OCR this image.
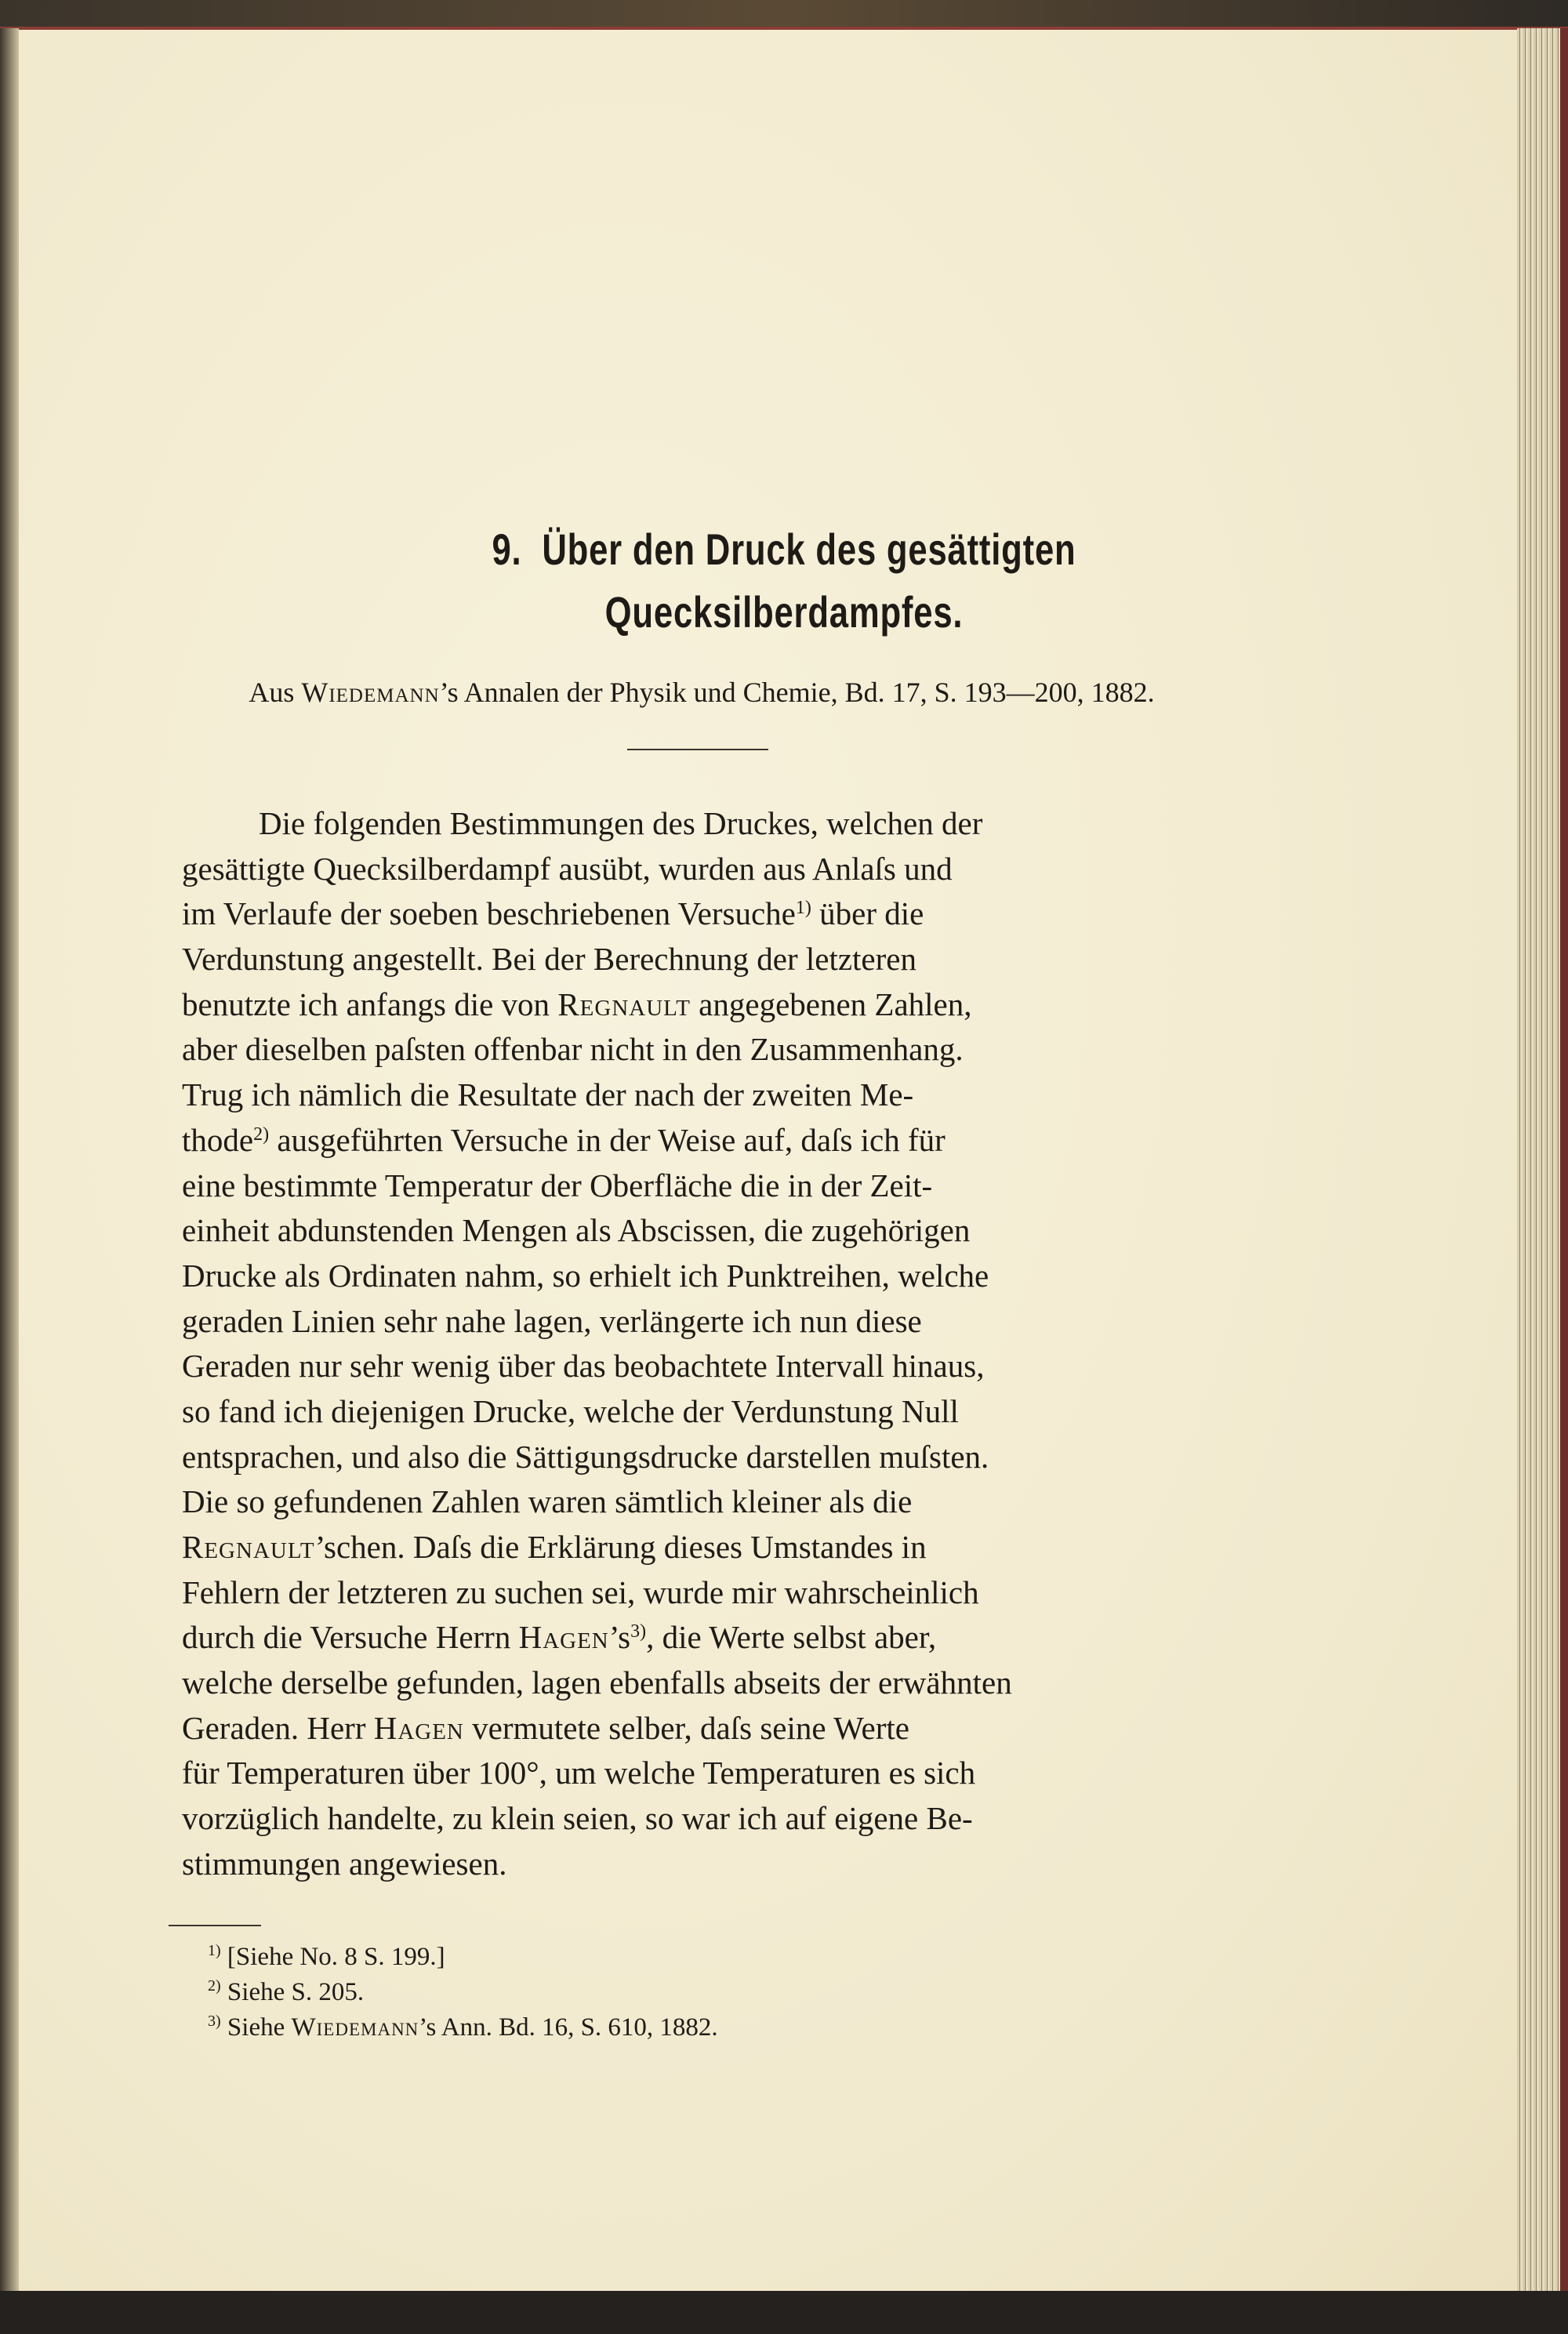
9. Über den Druck des gesättigten
Quecksilberdampfes.
Aus Wiedemann’s Annalen der Physik und Chemie, Bd. 17, S. 193—200, 1882.
Die folgenden Bestimmungen des Druckes, welchen der
gesättigte Quecksilberdampf ausübt, wurden aus Anlaſs und
im Verlaufe der soeben beschriebenen Versuche$^{1)}$ über die
Verdunstung angestellt. Bei der Berechnung der letzteren
benutzte ich anfangs die von Regnault angegebenen Zahlen,
aber dieselben paſsten offenbar nicht in den Zusammenhang.
Trug ich nämlich die Resultate der nach der zweiten Me-
thode$^{2)}$ ausgeführten Versuche in der Weise auf, daſs ich für
eine bestimmte Temperatur der Oberfläche die in der Zeit-
einheit abdunstenden Mengen als Abscissen, die zugehörigen
Drucke als Ordinaten nahm, so erhielt ich Punktreihen, welche
geraden Linien sehr nahe lagen, verlängerte ich nun diese
Geraden nur sehr wenig über das beobachtete Intervall hinaus,
so fand ich diejenigen Drucke, welche der Verdunstung Null
entsprachen, und also die Sättigungsdrucke darstellen muſsten.
Die so gefundenen Zahlen waren sämtlich kleiner als die
Regnault’schen. Daſs die Erklärung dieses Umstandes in
Fehlern der letzteren zu suchen sei, wurde mir wahrscheinlich
durch die Versuche Herrn $Hagen’s^{3)}$, die Werte selbst aber,
welche derselbe gefunden, lagen ebenfalls abseits der erwähnten
Geraden. Herr Hagen vermutete selber, daſs seine Werte
für Temperaturen über 100°, um welche Temperaturen es sich
vorzüglich handelte, zu klein seien, so war ich auf eigene Be-
stimmungen angewiesen.
$^{1)}$ [Siehe No. 8 S. 199.]
$^{2)}$ Siehe S. 205.
$^{3)}$ Siehe Wiedemann’s Ann. Bd. 16, S. 610, 1882.
